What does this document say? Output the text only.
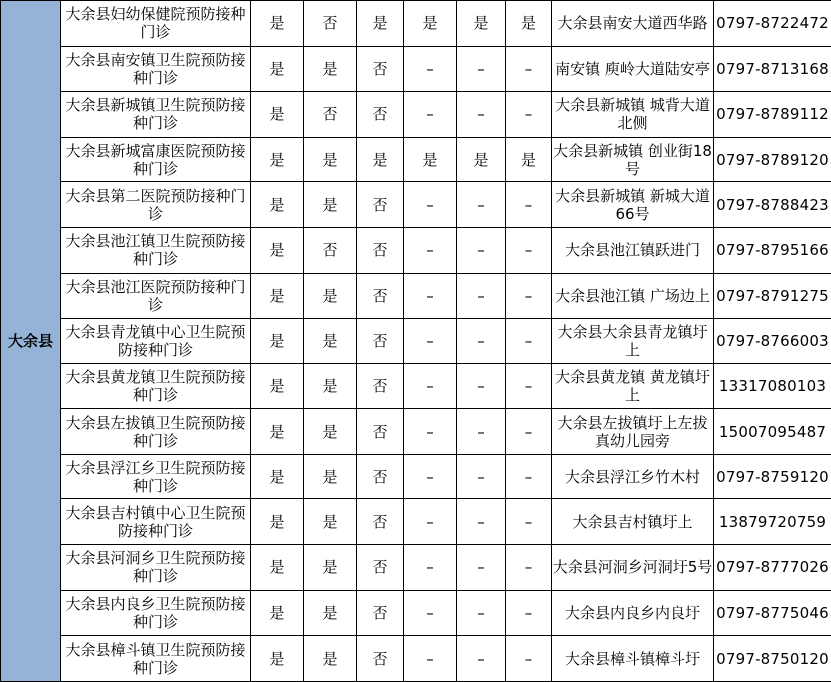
大余县	大余县妇幼保健院预防接种门诊	是	否	是	是	是	是	大余县南安大道西华路	0797-8722472
	大余县南安镇卫生院预防接种门诊	是	是	否	–	–	–	南安镇 庾岭大道陆安亭	0797-8713168
	大余县新城镇卫生院预防接种门诊	是	否	否	–	–	–	大余县新城镇 城背大道北侧	0797-8789112
	大余县新城富康医院预防接种门诊	是	是	是	是	是	是	大余县新城镇 创业街18号	0797-8789120
	大余县第二医院预防接种门诊	是	是	否	–	–	–	大余县新城镇 新城大道66号	0797-8788423
	大余县池江镇卫生院预防接种门诊	是	否	否	–	–	–	大余县池江镇跃进门	0797-8795166
	大余县池江医院预防接种门诊	是	是	否	–	–	–	大余县池江镇 广场边上	0797-8791275
	大余县青龙镇中心卫生院预防接种门诊	是	是	否	–	–	–	大余县大余县青龙镇圩上	0797-8766003
	大余县黄龙镇卫生院预防接种门诊	是	是	否	–	–	–	大余县黄龙镇 黄龙镇圩上	13317080103
	大余县左拔镇卫生院预防接种门诊	是	是	否	–	–	–	大余县左拔镇圩上左拔真幼儿园旁	15007095487
	大余县浮江乡卫生院预防接种门诊	是	是	否	–	–	–	大余县浮江乡竹木村	0797-8759120
	大余县吉村镇中心卫生院预防接种门诊	是	是	否	–	–	–	大余县吉村镇圩上	13879720759
	大余县河洞乡卫生院预防接种门诊	是	是	否	–	–	–	大余县河洞乡河洞圩5号	0797-8777026
	大余县内良乡卫生院预防接种门诊	是	是	否	–	–	–	大余县内良乡内良圩	0797-8775046
	大余县樟斗镇卫生院预防接种门诊	是	是	否	–	–	–	大余县樟斗镇樟斗圩	0797-8750120
